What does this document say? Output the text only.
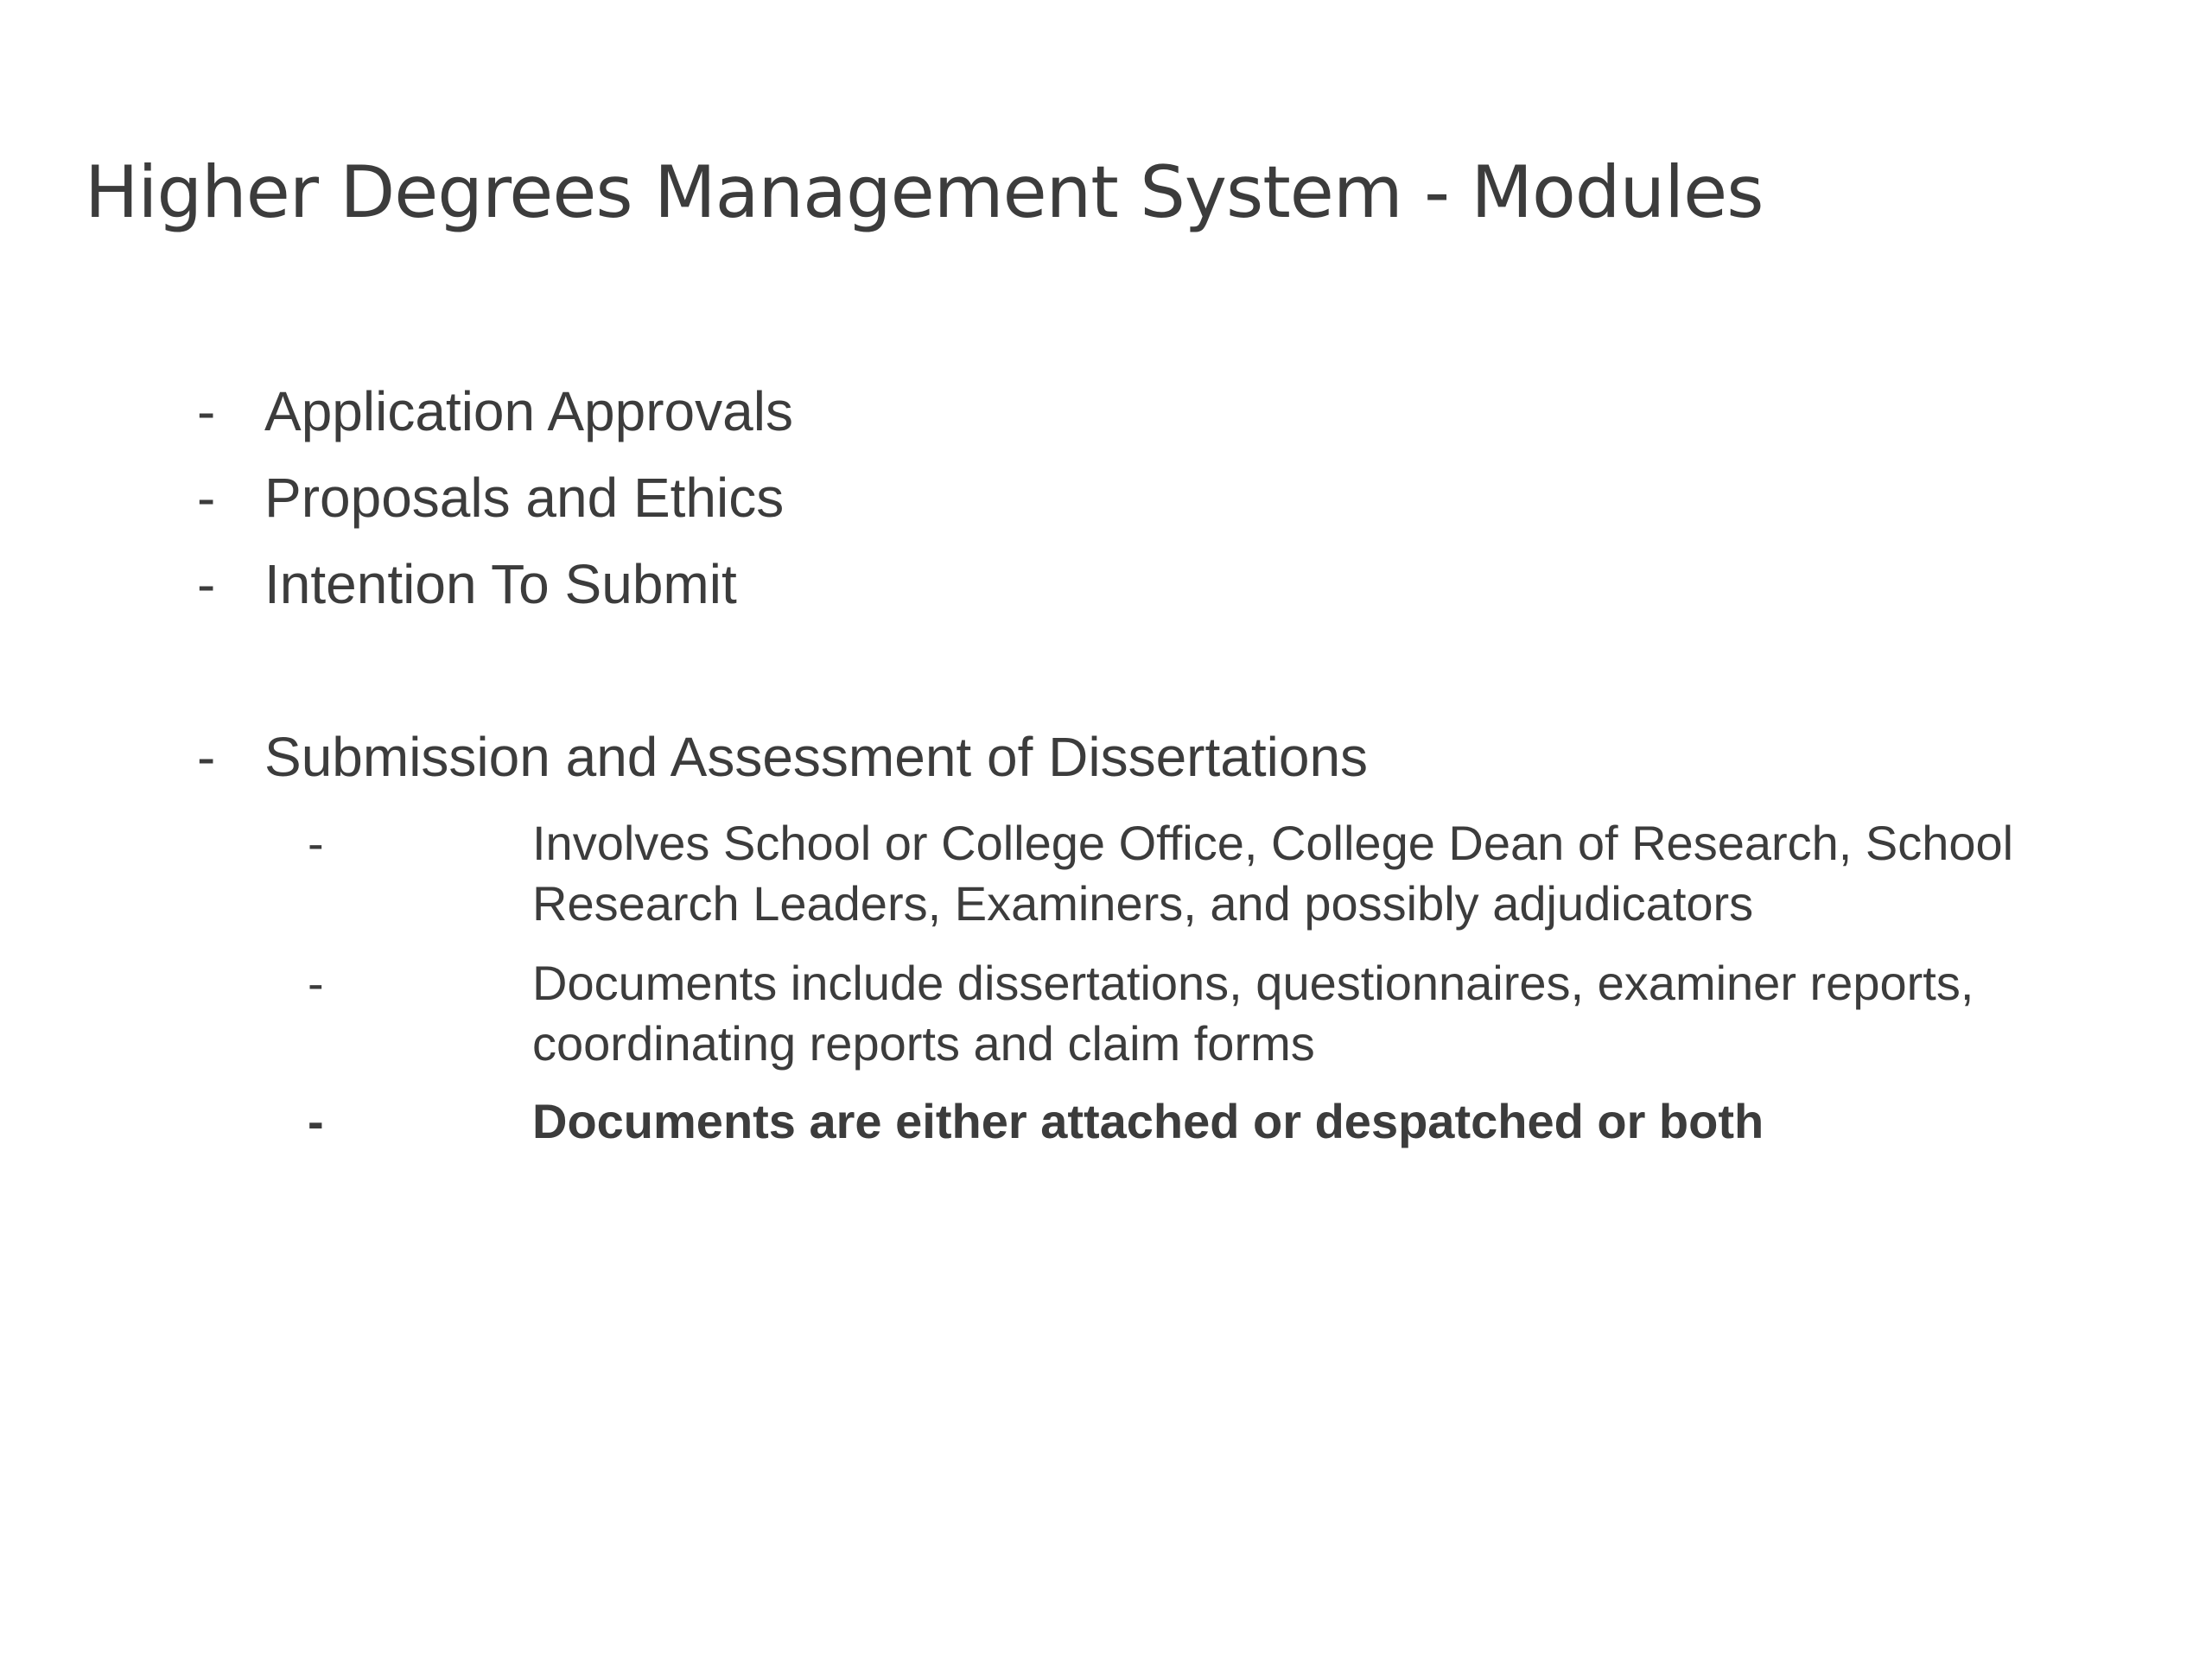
Higher Degrees Management System - Modules
- Application Approvals
- Proposals and Ethics
- Intention To Submit
- Submission and Assessment of Dissertations
-	Involves School or College Office, College Dean of Research, School Research Leaders, Examiners, and possibly adjudicators
-	Documents include dissertations, questionnaires, examiner reports, coordinating reports and claim forms
-	Documents are either attached or despatched or both
